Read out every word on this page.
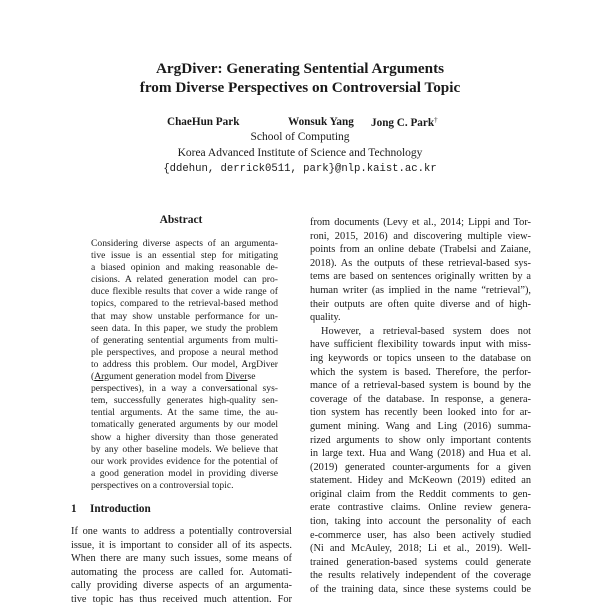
ArgDiver: Generating Sentential Arguments
from Diverse Perspectives on Controversial Topic
ChaeHun Park	Wonsuk Yang Jong C. Park†
School of Computing
Korea Advanced Institute of Science and Technology
{ddehun, derrick0511, park}@nlp.kaist.ac.kr
Abstract
Considering diverse aspects of an argumenta-
tive issue is an essential step for mitigating
a biased opinion and making reasonable de-
cisions. A related generation model can pro-
duce flexible results that cover a wide range of
topics, compared to the retrieval-based method
that may show unstable performance for un-
seen data. In this paper, we study the problem
of generating sentential arguments from multi-
ple perspectives, and propose a neural method
to address this problem. Our model, ArgDiver
(Argument generation model from Diverse
perspectives), in a way a conversational sys-
tem, successfully generates high-quality sen-
tential arguments. At the same time, the au-
tomatically generated arguments by our model
show a higher diversity than those generated
by any other baseline models. We believe that
our work provides evidence for the potential of
a good generation model in providing diverse
perspectives on a controversial topic.
1 Introduction
If one wants to address a potentially controversial
issue, it is important to consider all of its aspects.
When there are many such issues, some means of
automating the process are called for. Automati-
cally providing diverse aspects of an argumenta-
tive topic has thus received much attention. For
from documents (Levy et al., 2014; Lippi and Tor-
roni, 2015, 2016) and discovering multiple view-
points from an online debate (Trabelsi and Zaiane,
2018). As the outputs of these retrieval-based sys-
tems are based on sentences originally written by a
human writer (as implied in the name “retrieval”),
their outputs are often quite diverse and of high-
quality.
However, a retrieval-based system does not
have sufficient flexibility towards input with miss-
ing keywords or topics unseen to the database on
which the system is based. Therefore, the perfor-
mance of a retrieval-based system is bound by the
coverage of the database. In response, a genera-
tion system has recently been looked into for ar-
gument mining. Wang and Ling (2016) summa-
rized arguments to show only important contents
in large text. Hua and Wang (2018) and Hua et al.
(2019) generated counter-arguments for a given
statement. Hidey and McKeown (2019) edited an
original claim from the Reddit comments to gen-
erate contrastive claims. Online review genera-
tion, taking into account the personality of each
e-commerce user, has also been actively studied
(Ni and McAuley, 2018; Li et al., 2019). Well-
trained generation-based systems could generate
the results relatively independent of the coverage
of the training data, since these systems could be
